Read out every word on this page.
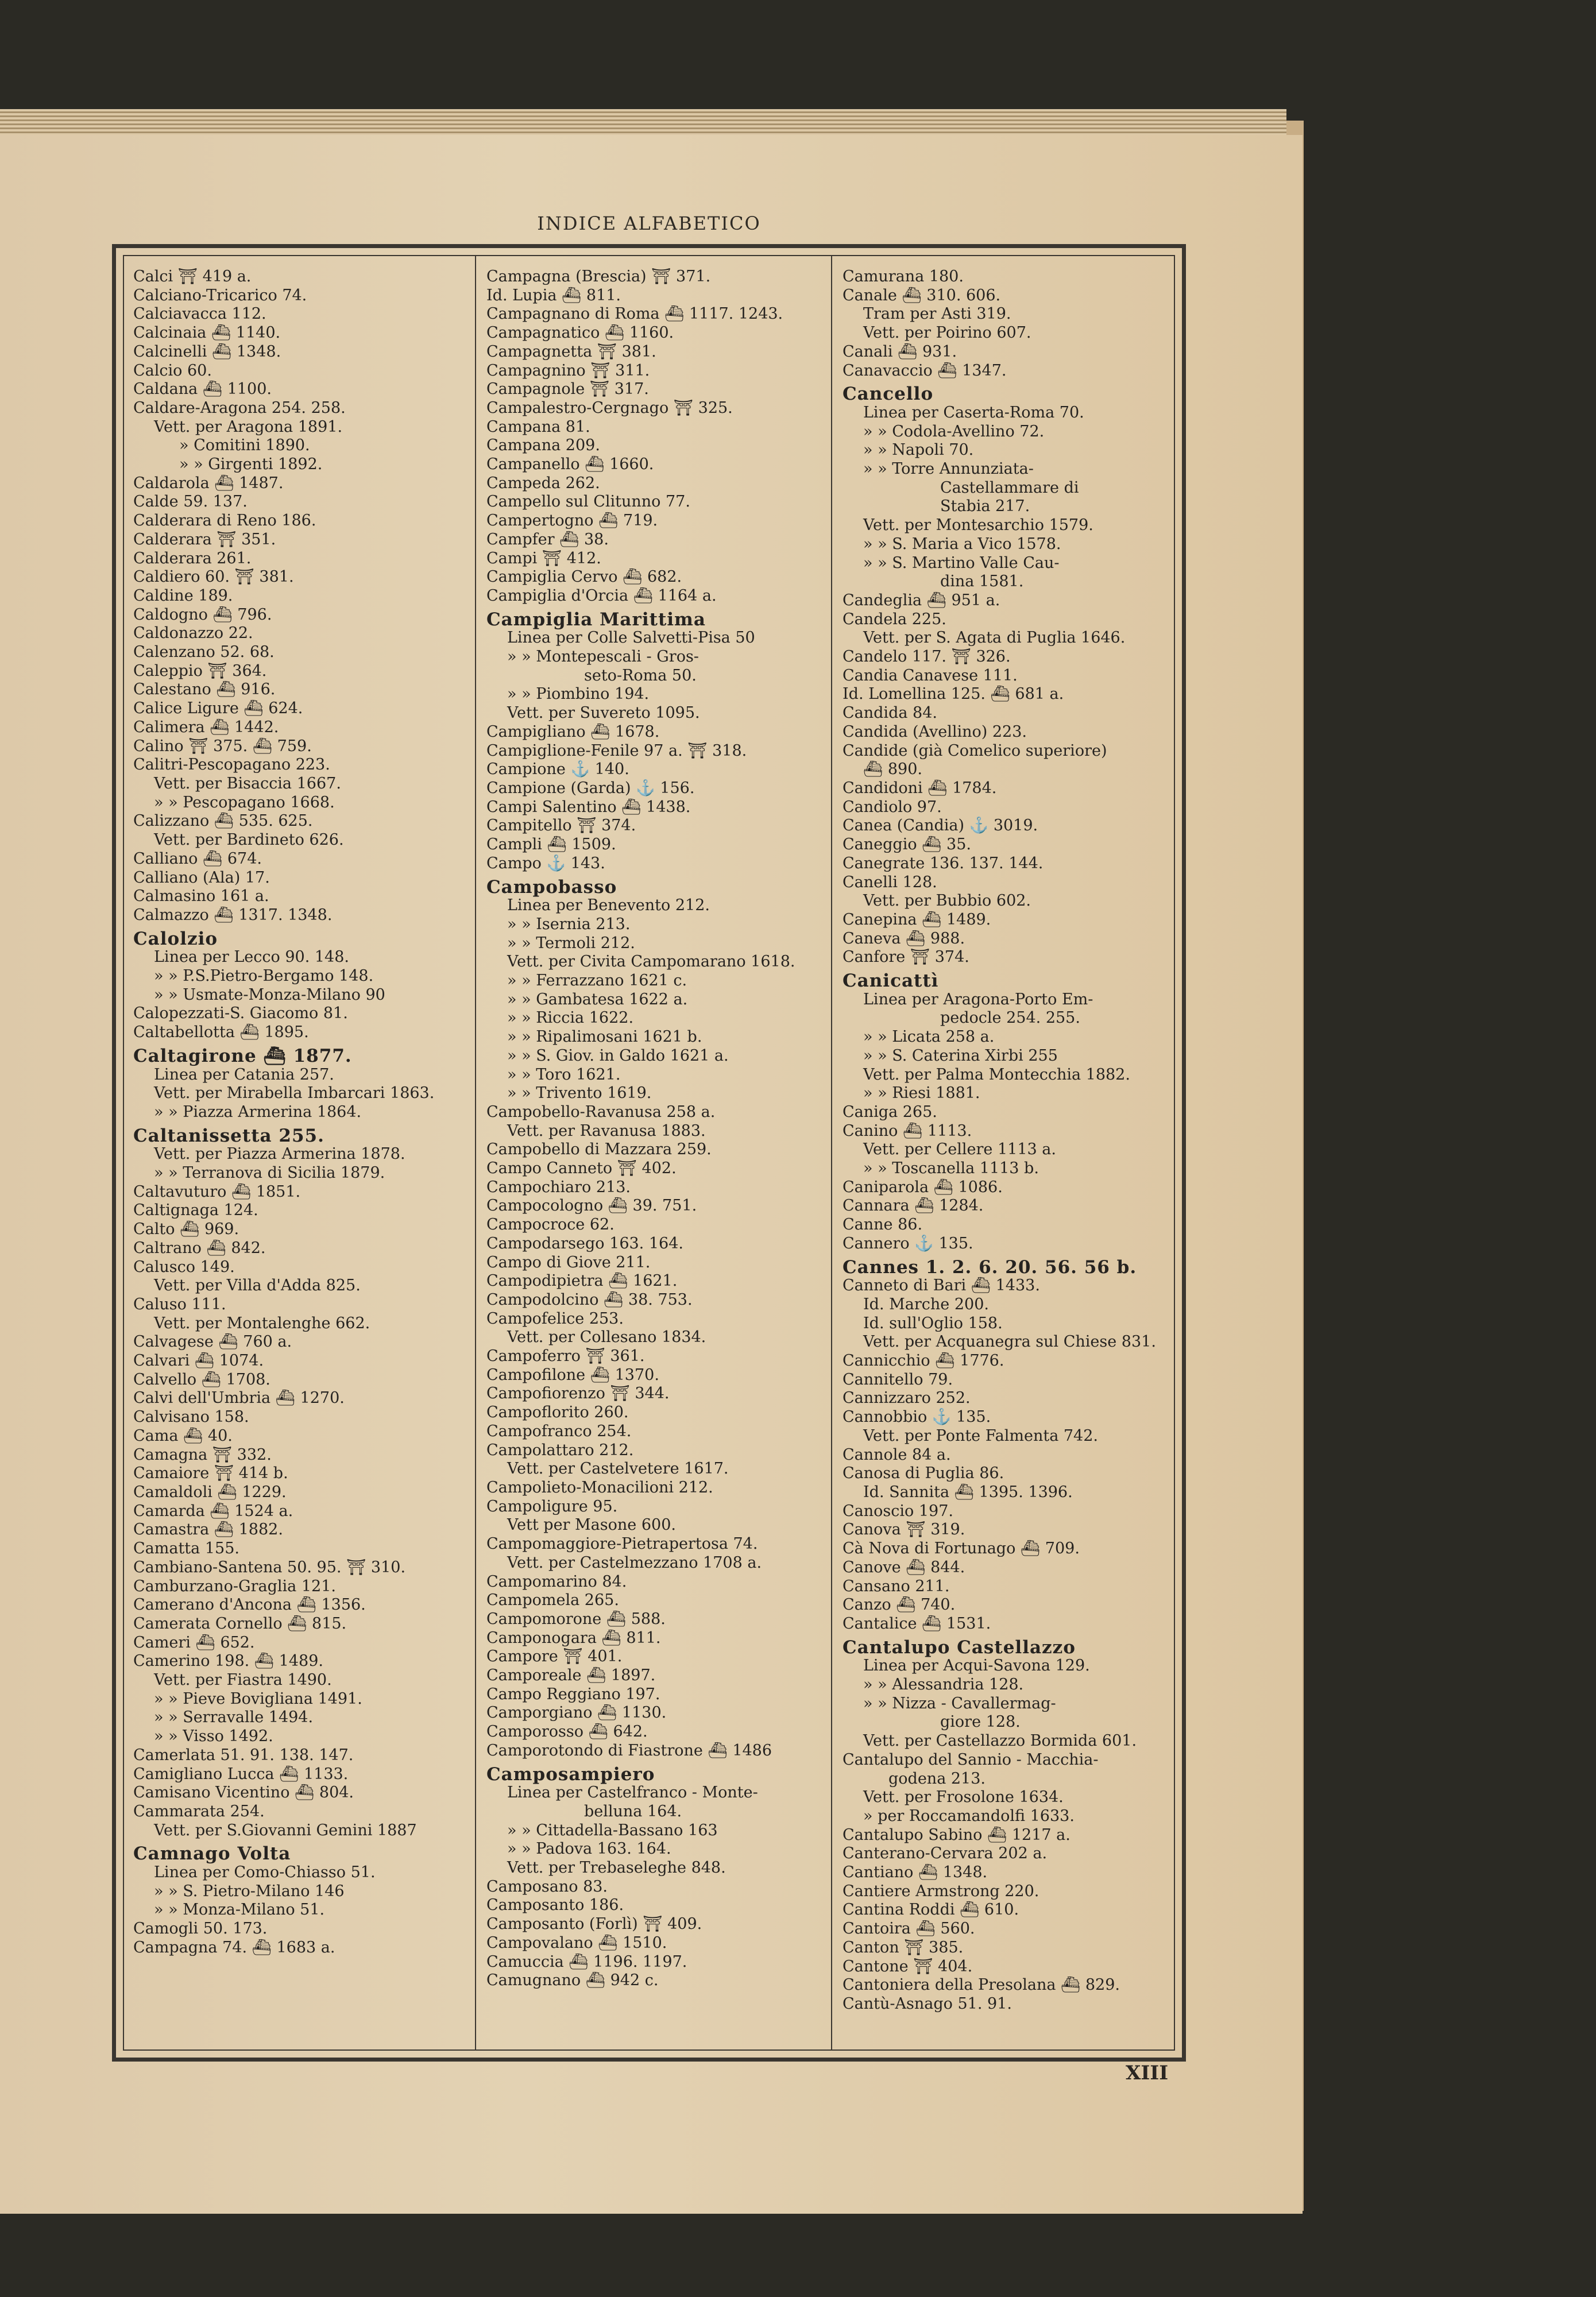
INDICE ALFABETICO
Calci ⛩ 419 a.
Calciano-Tricarico 74.
Calciavacca 112.
Calcinaia ⛴ 1140.
Calcinelli ⛴ 1348.
Calcio 60.
Caldana ⛴ 1100.
Caldare-Aragona 254. 258.
Vett. per Aragona 1891.
» Comitini 1890.
» » Girgenti 1892.
Caldarola ⛴ 1487.
Calde 59. 137.
Calderara di Reno 186.
Calderara ⛩ 351.
Calderara 261.
Caldiero 60. ⛩ 381.
Caldine 189.
Caldogno ⛴ 796.
Caldonazzo 22.
Calenzano 52. 68.
Caleppio ⛩ 364.
Calestano ⛴ 916.
Calice Ligure ⛴ 624.
Calimera ⛴ 1442.
Calino ⛩ 375. ⛴ 759.
Calitri-Pescopagano 223.
Vett. per Bisaccia 1667.
» » Pescopagano 1668.
Calizzano ⛴ 535. 625.
Vett. per Bardineto 626.
Calliano ⛴ 674.
Calliano (Ala) 17.
Calmasino 161 a.
Calmazzo ⛴ 1317. 1348.
Calolzio
Linea per Lecco 90. 148.
» » P.S.Pietro-Bergamo 148.
» » Usmate-Monza-Milano 90
Calopezzati-S. Giacomo 81.
Caltabellotta ⛴ 1895.
Caltagirone ⛴ 1877.
Linea per Catania 257.
Vett. per Mirabella Imbarcari 1863.
» » Piazza Armerina 1864.
Caltanissetta 255.
Vett. per Piazza Armerina 1878.
» » Terranova di Sicilia 1879.
Caltavuturo ⛴ 1851.
Caltignaga 124.
Calto ⛴ 969.
Caltrano ⛴ 842.
Calusco 149.
Vett. per Villa d'Adda 825.
Caluso 111.
Vett. per Montalenghe 662.
Calvagese ⛴ 760 a.
Calvari ⛴ 1074.
Calvello ⛴ 1708.
Calvi dell'Umbria ⛴ 1270.
Calvisano 158.
Cama ⛴ 40.
Camagna ⛩ 332.
Camaiore ⛩ 414 b.
Camaldoli ⛴ 1229.
Camarda ⛴ 1524 a.
Camastra ⛴ 1882.
Camatta 155.
Cambiano-Santena 50. 95. ⛩ 310.
Camburzano-Graglia 121.
Camerano d'Ancona ⛴ 1356.
Camerata Cornello ⛴ 815.
Cameri ⛴ 652.
Camerino 198. ⛴ 1489.
Vett. per Fiastra 1490.
» » Pieve Bovigliana 1491.
» » Serravalle 1494.
» » Visso 1492.
Camerlata 51. 91. 138. 147.
Camigliano Lucca ⛴ 1133.
Camisano Vicentino ⛴ 804.
Cammarata 254.
Vett. per S.Giovanni Gemini 1887
Camnago Volta
Linea per Como-Chiasso 51.
» » S. Pietro-Milano 146
» » Monza-Milano 51.
Camogli 50. 173.
Campagna 74. ⛴ 1683 a.
Campagna (Brescia) ⛩ 371.
Id. Lupia ⛴ 811.
Campagnano di Roma ⛴ 1117. 1243.
Campagnatico ⛴ 1160.
Campagnetta ⛩ 381.
Campagnino ⛩ 311.
Campagnole ⛩ 317.
Campalestro-Cergnago ⛩ 325.
Campana 81.
Campana 209.
Campanello ⛴ 1660.
Campeda 262.
Campello sul Clitunno 77.
Campertogno ⛴ 719.
Campfer ⛴ 38.
Campi ⛩ 412.
Campiglia Cervo ⛴ 682.
Campiglia d'Orcia ⛴ 1164 a.
Campiglia Marittima
Linea per Colle Salvetti-Pisa 50
» » Montepescali - Gros-
seto-Roma 50.
» » Piombino 194.
Vett. per Suvereto 1095.
Campigliano ⛴ 1678.
Campiglione-Fenile 97 a. ⛩ 318.
Campione ⚓ 140.
Campione (Garda) ⚓ 156.
Campi Salentino ⛴ 1438.
Campitello ⛩ 374.
Campli ⛴ 1509.
Campo ⚓ 143.
Campobasso
Linea per Benevento 212.
» » Isernia 213.
» » Termoli 212.
Vett. per Civita Campomarano 1618.
» » Ferrazzano 1621 c.
» » Gambatesa 1622 a.
» » Riccia 1622.
» » Ripalimosani 1621 b.
» » S. Giov. in Galdo 1621 a.
» » Toro 1621.
» » Trivento 1619.
Campobello-Ravanusa 258 a.
Vett. per Ravanusa 1883.
Campobello di Mazzara 259.
Campo Canneto ⛩ 402.
Campochiaro 213.
Campocologno ⛴ 39. 751.
Campocroce 62.
Campodarsego 163. 164.
Campo di Giove 211.
Campodipietra ⛴ 1621.
Campodolcino ⛴ 38. 753.
Campofelice 253.
Vett. per Collesano 1834.
Campoferro ⛩ 361.
Campofilone ⛴ 1370.
Campofiorenzo ⛩ 344.
Campoflorito 260.
Campofranco 254.
Campolattaro 212.
Vett. per Castelvetere 1617.
Campolieto-Monacilioni 212.
Campoligure 95.
Vett per Masone 600.
Campomaggiore-Pietrapertosa 74.
Vett. per Castelmezzano 1708 a.
Campomarino 84.
Campomela 265.
Campomorone ⛴ 588.
Camponogara ⛴ 811.
Campore ⛩ 401.
Camporeale ⛴ 1897.
Campo Reggiano 197.
Camporgiano ⛴ 1130.
Camporosso ⛴ 642.
Camporotondo di Fiastrone ⛴ 1486
Camposampiero
Linea per Castelfranco - Monte-
belluna 164.
» » Cittadella-Bassano 163
» » Padova 163. 164.
Vett. per Trebaseleghe 848.
Camposano 83.
Camposanto 186.
Camposanto (Forlì) ⛩ 409.
Campovalano ⛴ 1510.
Camuccia ⛴ 1196. 1197.
Camugnano ⛴ 942 c.
Camurana 180.
Canale ⛴ 310. 606.
Tram per Asti 319.
Vett. per Poirino 607.
Canali ⛴ 931.
Canavaccio ⛴ 1347.
Cancello
Linea per Caserta-Roma 70.
» » Codola-Avellino 72.
» » Napoli 70.
» » Torre Annunziata-
Castellammare di
Stabia 217.
Vett. per Montesarchio 1579.
» » S. Maria a Vico 1578.
» » S. Martino Valle Cau-
dina 1581.
Candeglia ⛴ 951 a.
Candela 225.
Vett. per S. Agata di Puglia 1646.
Candelo 117. ⛩ 326.
Candia Canavese 111.
Id. Lomellina 125. ⛴ 681 a.
Candida 84.
Candida (Avellino) 223.
Candide (già Comelico superiore)
⛴ 890.
Candidoni ⛴ 1784.
Candiolo 97.
Canea (Candia) ⚓ 3019.
Caneggio ⛴ 35.
Canegrate 136. 137. 144.
Canelli 128.
Vett. per Bubbio 602.
Canepina ⛴ 1489.
Caneva ⛴ 988.
Canfore ⛩ 374.
Canicattì
Linea per Aragona-Porto Em-
pedocle 254. 255.
» » Licata 258 a.
» » S. Caterina Xirbi 255
Vett. per Palma Montecchia 1882.
» » Riesi 1881.
Caniga 265.
Canino ⛴ 1113.
Vett. per Cellere 1113 a.
» » Toscanella 1113 b.
Caniparola ⛴ 1086.
Cannara ⛴ 1284.
Canne 86.
Cannero ⚓ 135.
Cannes 1. 2. 6. 20. 56. 56 b.
Canneto di Bari ⛴ 1433.
Id. Marche 200.
Id. sull'Oglio 158.
Vett. per Acquanegra sul Chiese 831.
Cannicchio ⛴ 1776.
Cannitello 79.
Cannizzaro 252.
Cannobbio ⚓ 135.
Vett. per Ponte Falmenta 742.
Cannole 84 a.
Canosa di Puglia 86.
Id. Sannita ⛴ 1395. 1396.
Canoscio 197.
Canova ⛩ 319.
Cà Nova di Fortunago ⛴ 709.
Canove ⛴ 844.
Cansano 211.
Canzo ⛴ 740.
Cantalice ⛴ 1531.
Cantalupo Castellazzo
Linea per Acqui-Savona 129.
» » Alessandria 128.
» » Nizza - Cavallermag-
giore 128.
Vett. per Castellazzo Bormida 601.
Cantalupo del Sannio - Macchia-
godena 213.
Vett. per Frosolone 1634.
» per Roccamandolfi 1633.
Cantalupo Sabino ⛴ 1217 a.
Canterano-Cervara 202 a.
Cantiano ⛴ 1348.
Cantiere Armstrong 220.
Cantina Roddi ⛴ 610.
Cantoira ⛴ 560.
Canton ⛩ 385.
Cantone ⛩ 404.
Cantoniera della Presolana ⛴ 829.
Cantù-Asnago 51. 91.
XIII
